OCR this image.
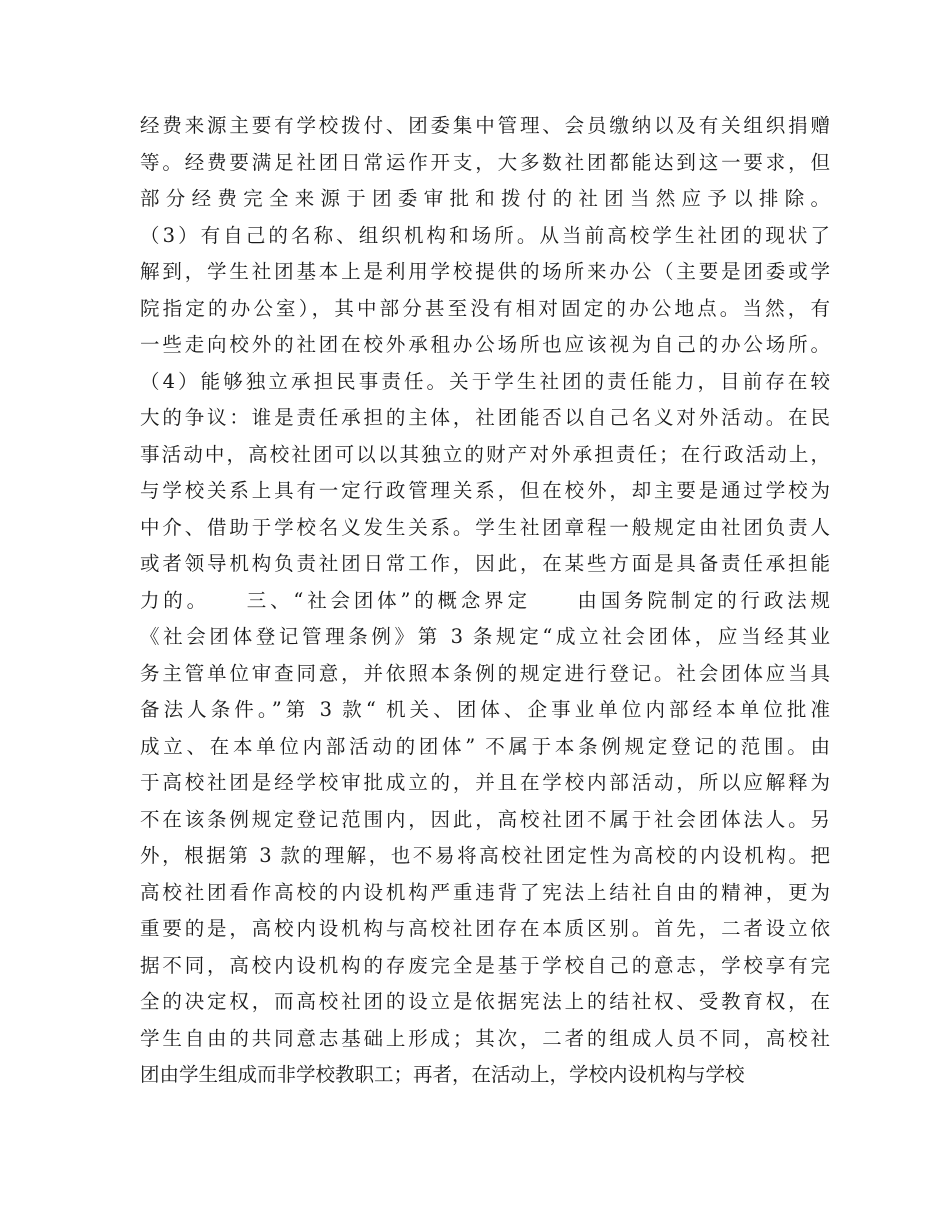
经费来源主要有学校拨付、团委集中管理、会员缴纳以及有关组织捐赠
等。经费要满足社团日常运作开支，大多数社团都能达到这一要求，但
部分经费完全来源于团委审批和拨付的社团当然应予以排除。
（3）有自己的名称、组织机构和场所。从当前高校学生社团的现状了
解到，学生社团基本上是利用学校提供的场所来办公（主要是团委或学
院指定的办公室），其中部分甚至没有相对固定的办公地点。当然，有
一些走向校外的社团在校外承租办公场所也应该视为自己的办公场所。
（4）能够独立承担民事责任。关于学生社团的责任能力，目前存在较
大的争议：谁是责任承担的主体，社团能否以自己名义对外活动。在民
事活动中，高校社团可以以其独立的财产对外承担责任；在行政活动上，
与学校关系上具有一定行政管理关系，但在校外，却主要是通过学校为
中介、借助于学校名义发生关系。学生社团章程一般规定由社团负责人
或者领导机构负责社团日常工作，因此，在某些方面是具备责任承担能
力的。　　三、“社会团体”的概念界定　　由国务院制定的行政法规
《社会团体登记管理条例》第 3 条规定“成立社会团体，应当经其业
务主管单位审查同意，并依照本条例的规定进行登记。社会团体应当具
备法人条件。”第 3 款“ 机关、团体、企事业单位内部经本单位批准
成立、在本单位内部活动的团体” 不属于本条例规定登记的范围。由
于高校社团是经学校审批成立的，并且在学校内部活动，所以应解释为
不在该条例规定登记范围内，因此，高校社团不属于社会团体法人。另
外，根据第 3 款的理解，也不易将高校社团定性为高校的内设机构。把
高校社团看作高校的内设机构严重违背了宪法上结社自由的精神，更为
重要的是，高校内设机构与高校社团存在本质区别。首先，二者设立依
据不同，高校内设机构的存废完全是基于学校自己的意志，学校享有完
全的决定权，而高校社团的设立是依据宪法上的结社权、受教育权，在
学生自由的共同意志基础上形成；其次，二者的组成人员不同，高校社
团由学生组成而非学校教职工；再者，在活动上，学校内设机构与学校
